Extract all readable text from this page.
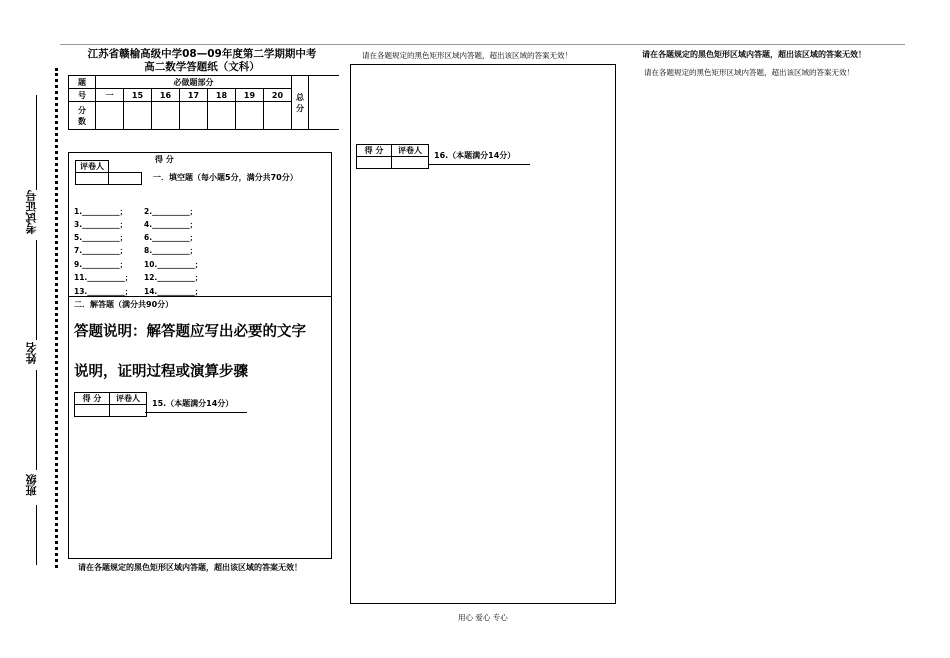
考试证号
姓名
班级
江苏省赣榆高级中学08—09年度第二学期期中考
高二数学答题纸（文科）
题	必做题部分							总
分	

号	一	15	16	17	18	19	20		

分
数									

评卷人	

得 分
一．填空题（每小题5分，满分共70分）
1.__________； 2.__________；
3.__________； 4.__________；
5.__________； 6.__________；
7.__________； 8.__________；
9.__________； 10.__________；
11.__________； 12.__________；
13.__________； 14.__________；
二．解答题（满分共90分）
答题说明：解答题应写出必要的文字
说明，证明过程或演算步骤
得 分	评卷人

15.（本题满分14分）
请在各题规定的黑色矩形区域内答题，超出该区域的答案无效！
请在各题规定的黑色矩形区域内答题，超出该区域的答案无效！
得 分	评卷人

16.（本题满分14分）
请在各题规定的黑色矩形区域内答题，超出该区域的答案无效！
请在各题规定的黑色矩形区域内答题，超出该区域的答案无效！
用心 爱心 专心
